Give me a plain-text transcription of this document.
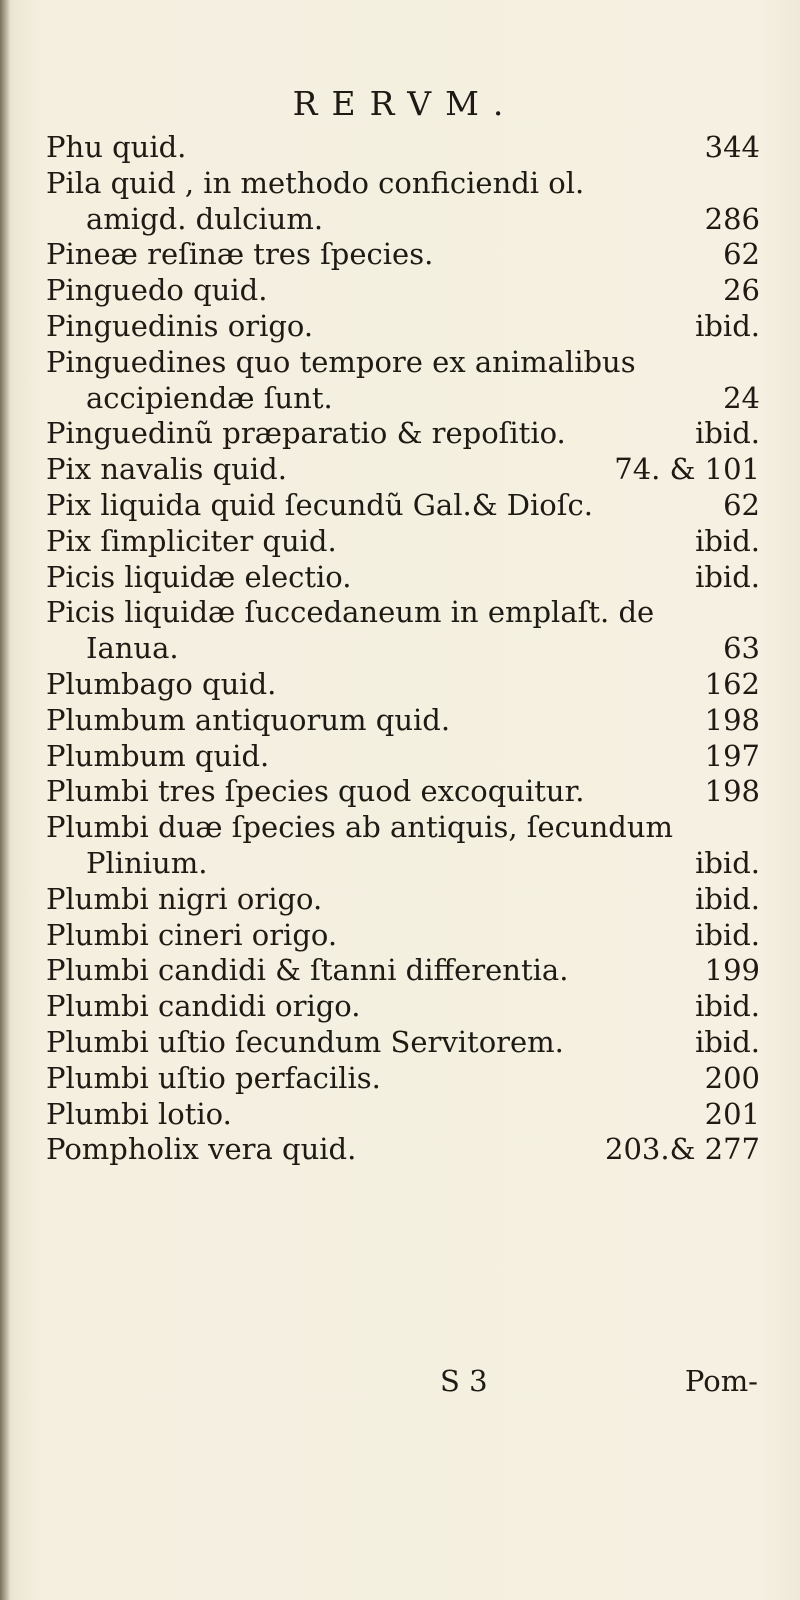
RERVM.
Phu quid.	344
Pila quid , in methodo conficiendi ol.
amigd. dulcium.	286
Pineæ reſinæ tres ſpecies.	62
Pinguedo quid.	26
Pinguedinis origo.	ibid.
Pinguedines quo tempore ex animalibus
accipiendæ ſunt.	24
Pinguedinũ præparatio & repoſitio.	ibid.
Pix navalis quid.	74. & 101
Pix liquida quid ſecundũ Gal.& Dioſc.	62
Pix ſimpliciter quid.	ibid.
Picis liquidæ electio.	ibid.
Picis liquidæ ſuccedaneum in emplaſt. de
Ianua.	63
Plumbago quid.	162
Plumbum antiquorum quid.	198
Plumbum quid.	197
Plumbi tres ſpecies quod excoquitur.	198
Plumbi duæ ſpecies ab antiquis, ſecundum
Plinium.	ibid.
Plumbi nigri origo.	ibid.
Plumbi cineri origo.	ibid.
Plumbi candidi & ſtanni differentia.	199
Plumbi candidi origo.	ibid.
Plumbi uſtio ſecundum Servitorem.	ibid.
Plumbi uſtio perfacilis.	200
Plumbi lotio.	201
Pompholix vera quid.	203.& 277
S 3	Pom-
